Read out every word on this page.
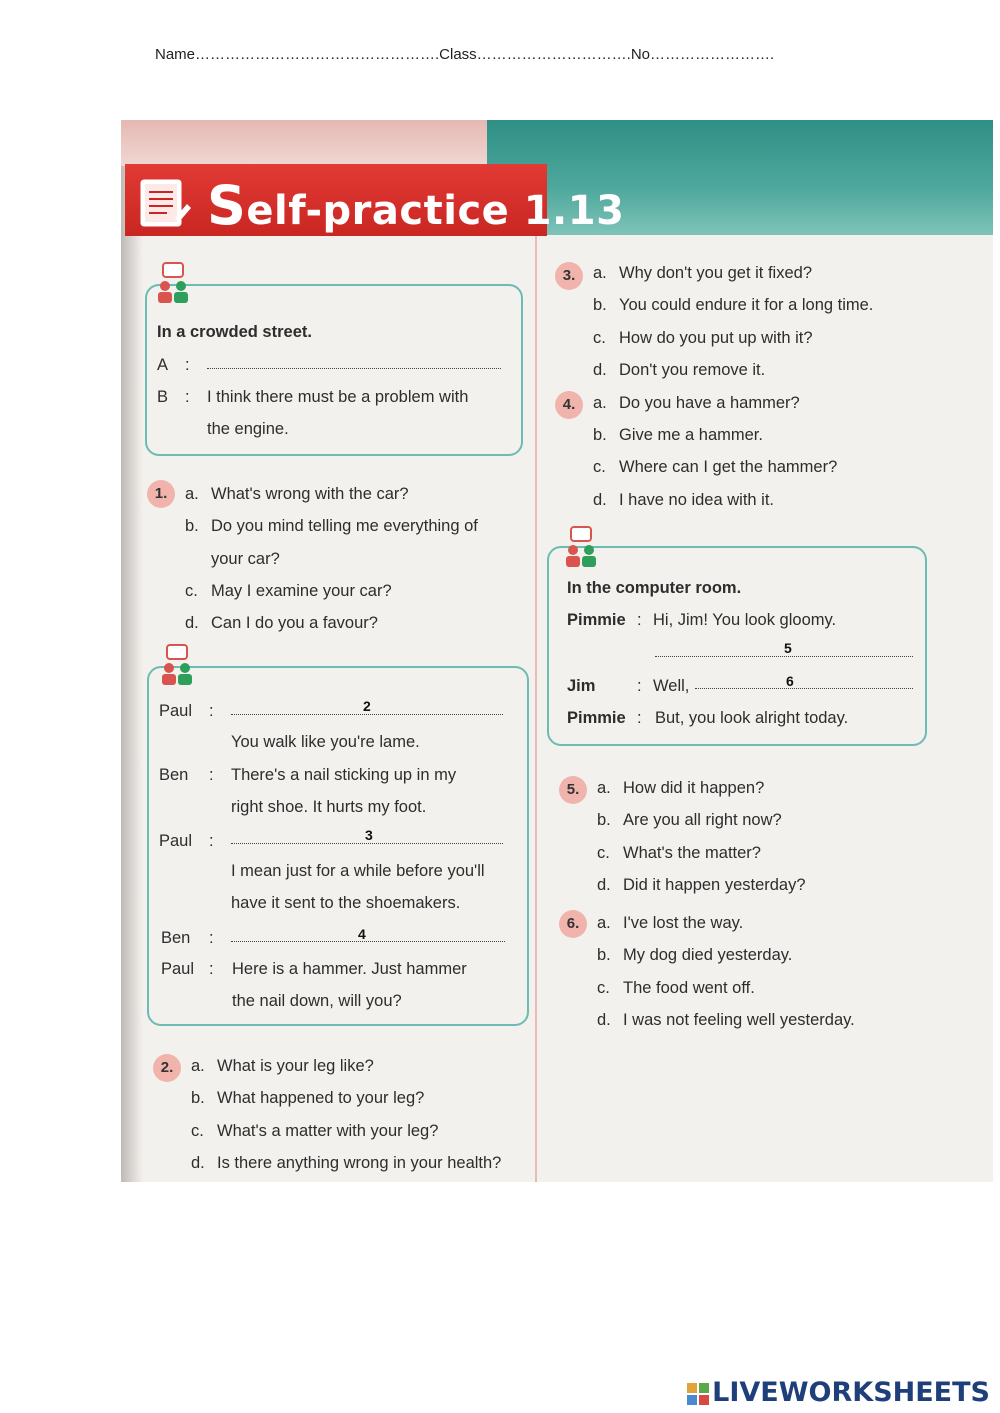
Name………………………………………….Class………………………….No…………………….
Self-practice 1.13
In a crowded street.
A :
B : I think there must be a problem with
the engine.
1.	a. What's wrong with the car?
b. Do you mind telling me everything of
your car?
c. May I examine your car?
d. Can I do you a favour?
Paul :	2
You walk like you're lame.
Ben : There's a nail sticking up in my
right shoe. It hurts my foot.
Paul :	3
I mean just for a while before you'll
have it sent to the shoemakers.
Ben :	4
Paul : Here is a hammer. Just hammer
the nail down, will you?
2.	a. What is your leg like?
b. What happened to your leg?
c. What's a matter with your leg?
d. Is there anything wrong in your health?
3.	a. Why don't you get it fixed?
b. You could endure it for a long time.
c. How do you put up with it?
d. Don't you remove it.
4.	a. Do you have a hammer?
b. Give me a hammer.
c. Where can I get the hammer?
d. I have no idea with it.
In the computer room.
Pimmie : Hi, Jim! You look gloomy.
5
Jim	: Well,	6
Pimmie : But, you look alright today.
5.	a. How did it happen?
b. Are you all right now?
c. What's the matter?
d. Did it happen yesterday?
6.	a. I've lost the way.
b. My dog died yesterday.
c. The food went off.
d. I was not feeling well yesterday.
LIVEWORKSHEETS
